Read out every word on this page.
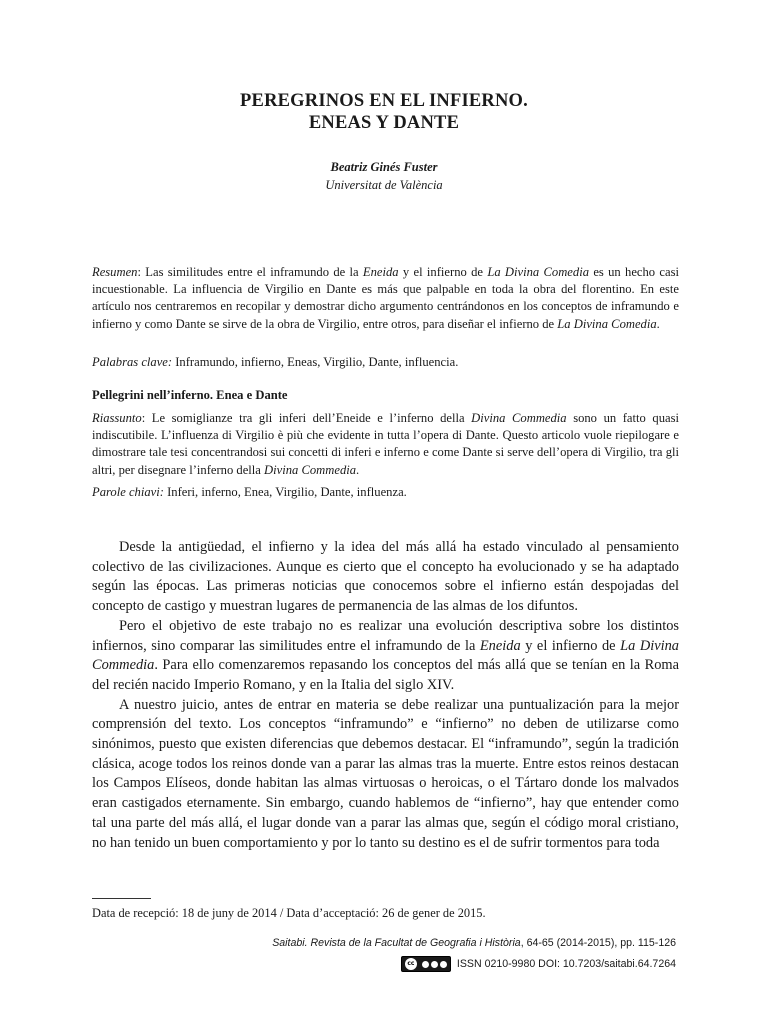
PEREGRINOS EN EL INFIERNO.
ENEAS Y DANTE
Beatriz Ginés Fuster
Universitat de València

Resumen: Las similitudes entre el inframundo de la Eneida y el infierno de La Divina Comedia es un hecho casi incuestionable. La influencia de Virgilio en Dante es más que palpable en toda la obra del florentino. En este artículo nos centraremos en recopilar y demostrar dicho argumento centrándonos en los conceptos de inframundo e infierno y como Dante se sirve de la obra de Virgilio, entre otros, para diseñar el infierno de La Divina Comedia.

Palabras clave: Inframundo, infierno, Eneas, Virgilio, Dante, influencia.

Pellegrini nell’inferno. Enea e Dante

Riassunto: Le somiglianze tra gli inferi dell’Eneide e l’inferno della Divina Commedia sono un fatto quasi indiscutibile. L’influenza di Virgilio è più che evidente in tutta l’opera di Dante. Questo articolo vuole riepilogare e dimostrare tale tesi concentrandosi sui concetti di inferi e inferno e come Dante si serve dell’opera di Virgilio, tra gli altri, per disegnare l’inferno della Divina Commedia.

Parole chiavi: Inferi, inferno, Enea, Virgilio, Dante, influenza.

Desde la antigüedad, el infierno y la idea del más allá ha estado vinculado al pensamiento colectivo de las civilizaciones. Aunque es cierto que el concepto ha evolucionado y se ha adaptado según las épocas. Las primeras noticias que conocemos sobre el infierno están despojadas del concepto de castigo y muestran lugares de permanencia de las almas de los difuntos.

Pero el objetivo de este trabajo no es realizar una evolución descriptiva sobre los distintos infiernos, sino comparar las similitudes entre el inframundo de la Eneida y el infierno de La Divina Commedia. Para ello comenzaremos repasando los conceptos del más allá que se tenían en la Roma del recién nacido Imperio Romano, y en la Italia del siglo XIV.

A nuestro juicio, antes de entrar en materia se debe realizar una puntualización para la mejor comprensión del texto. Los conceptos “inframundo” e “infierno” no deben de utilizarse como sinónimos, puesto que existen diferencias que debemos destacar. El “inframundo”, según la tradición clásica, acoge todos los reinos donde van a parar las almas tras la muerte. Entre estos reinos destacan los Campos Elíseos, donde habitan las almas virtuosas o heroicas, o el Tártaro donde los malvados eran castigados eternamente. Sin embargo, cuando hablemos de “infierno”, hay que entender como tal una parte del más allá, el lugar donde van a parar las almas que, según el código moral cristiano, no han tenido un buen comportamiento y por lo tanto su destino es el de sufrir tormentos para toda

Data de recepció: 18 de juny de 2014 / Data d’acceptació: 26 de gener de 2015.

Saitabi. Revista de la Facultat de Geografia i Història, 64-65 (2014-2015), pp. 115-126

cc	ISSN 0210-9980 DOI: 10.7203/saitabi.64.7264
